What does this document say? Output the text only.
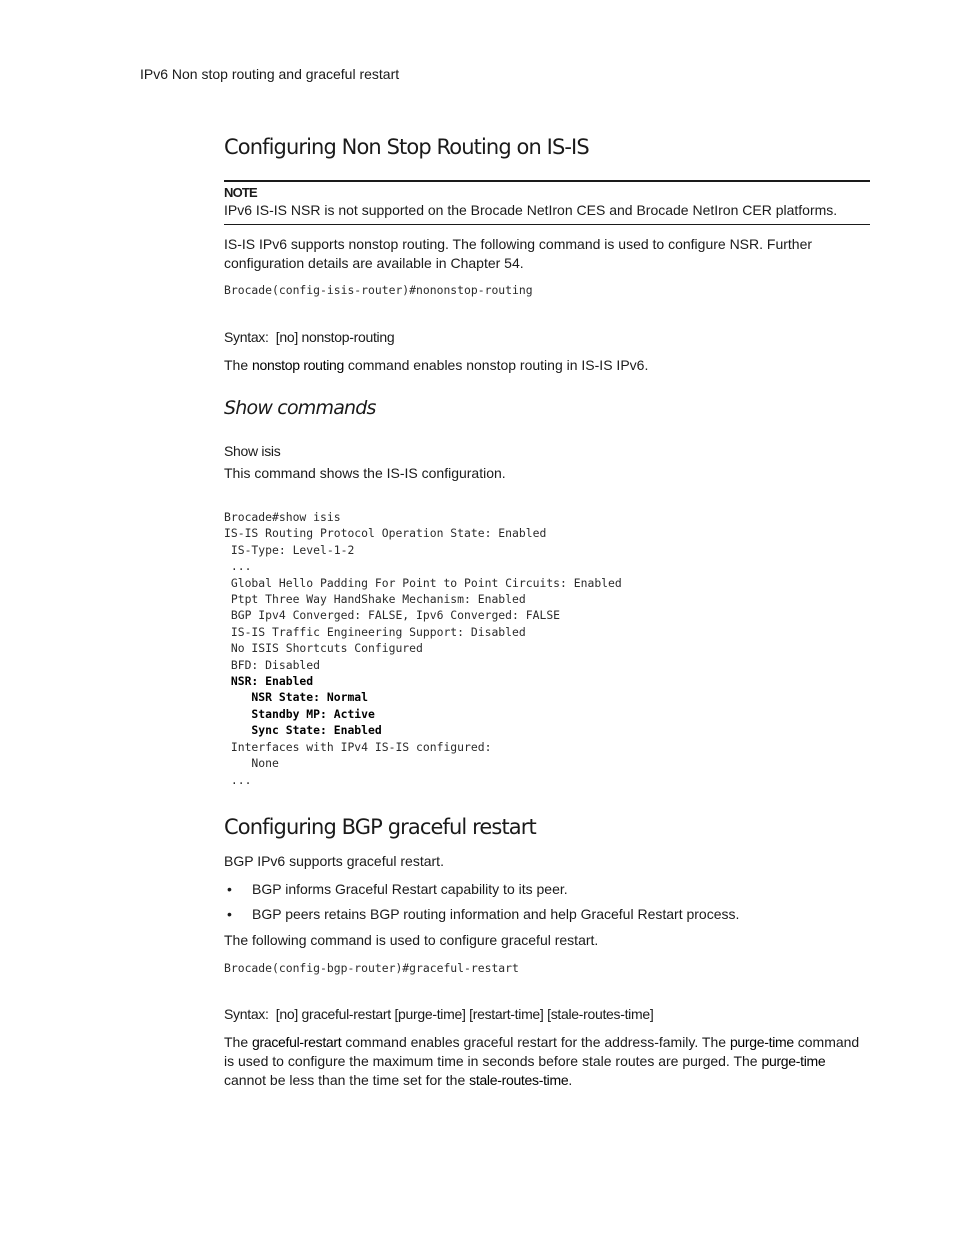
IPv6 Non stop routing and graceful restart
Configuring Non Stop Routing on IS-IS
NOTE

IPv6 IS-IS NSR is not supported on the Brocade NetIron CES and Brocade NetIron CER platforms.

IS-IS IPv6 supports nonstop routing. The following command is used to configure NSR. Further configuration details are available in Chapter 54.

Brocade(config-isis-router)#nononstop-routing
Syntax: [no] nonstop-routing

The nonstop routing command enables nonstop routing in IS-IS IPv6.

Show commands
Show isis

This command shows the IS-IS configuration.

Brocade#show isis
IS-IS Routing Protocol Operation State: Enabled
IS-Type: Level-1-2
...
Global Hello Padding For Point to Point Circuits: Enabled
Ptpt Three Way HandShake Mechanism: Enabled
BGP Ipv4 Converged: FALSE, Ipv6 Converged: FALSE
IS-IS Traffic Engineering Support: Disabled
No ISIS Shortcuts Configured
BFD: Disabled
NSR: Enabled
NSR State: Normal
Standby MP: Active
Sync State: Enabled
Interfaces with IPv4 IS-IS configured:
None
...
Configuring BGP graceful restart

BGP IPv6 supports graceful restart.

• BGP informs Graceful Restart capability to its peer.
• BGP peers retains BGP routing information and help Graceful Restart process.

The following command is used to configure graceful restart.

Brocade(config-bgp-router)#graceful-restart
Syntax: [no] graceful-restart [purge-time] [restart-time] [stale-routes-time]

The graceful-restart command enables graceful restart for the address-family. The purge-time command is used to configure the maximum time in seconds before stale routes are purged. The purge-time cannot be less than the time set for the stale-routes-time.
